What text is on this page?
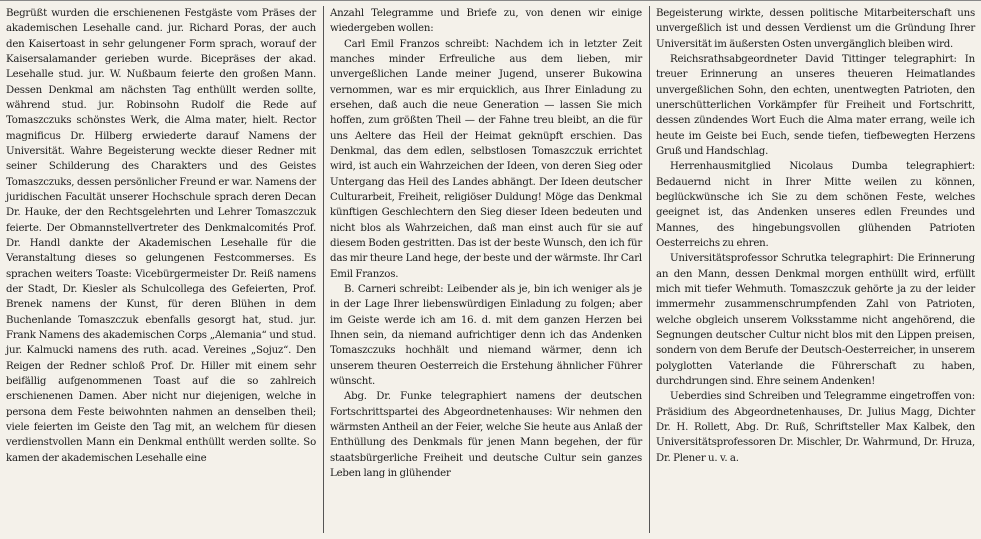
Begrüßt wurden die erschienenen Festgäste vom Präses der akademischen Lesehalle cand. jur. Richard Poras, der auch den Kaisertoast in sehr gelungener Form sprach, worauf der Kaisersalamander gerieben wurde. Bicepräses der akad. Lesehalle stud. jur. W. Nußbaum feierte den großen Mann. Dessen Denkmal am nächsten Tag enthüllt werden sollte, während stud. jur. Robinsohn Rudolf die Rede auf Tomaszczuks schönstes Werk, die Alma mater, hielt. Rector magnificus Dr. Hilberg erwiederte darauf Namens der Universität. Wahre Begeisterung weckte dieser Redner mit seiner Schilderung des Charakters und des Geistes Tomaszczuks, dessen persönlicher Freund er war. Namens der juridischen Facultät unserer Hochschule sprach deren Decan Dr. Hauke, der den Rechtsgelehrten und Lehrer Tomaszczuk feierte. Der Obmannstellvertreter des Denkmalcomités Prof. Dr. Handl dankte der Akademischen Lesehalle für die Veranstaltung dieses so gelungenen Festcommerses. Es sprachen weiters Toaste: Vicebürgermeister Dr. Reiß namens der Stadt, Dr. Kiesler als Schulcollega des Gefeierten, Prof. Brenek namens der Kunst, für deren Blühen in dem Buchenlande Tomaszczuk ebenfalls gesorgt hat, stud. jur. Frank Namens des akademischen Corps „Alemania“ und stud. jur. Kalmucki namens des ruth. acad. Vereines „Sojuz“. Den Reigen der Redner schloß Prof. Dr. Hiller mit einem sehr beifällig aufgenommenen Toast auf die so zahlreich erschienenen Damen. Aber nicht nur diejenigen, welche in persona dem Feste beiwohnten nahmen an denselben theil; viele feierten im Geiste den Tag mit, an welchem für diesen verdienstvollen Mann ein Denkmal enthüllt werden sollte. So kamen der akademischen Lesehalle eine

Anzahl Telegramme und Briefe zu, von denen wir einige wiedergeben wollen:

Carl Emil Franzos schreibt: Nachdem ich in letzter Zeit manches minder Erfreuliche aus dem lieben, mir unvergeßlichen Lande meiner Jugend, unserer Bukowina vernommen, war es mir erquicklich, aus Ihrer Einladung zu ersehen, daß auch die neue Generation — lassen Sie mich hoffen, zum größten Theil — der Fahne treu bleibt, an die für uns Aeltere das Heil der Heimat geknüpft erschien. Das Denkmal, das dem edlen, selbstlosen Tomaszczuk errichtet wird, ist auch ein Wahrzeichen der Ideen, von deren Sieg oder Untergang das Heil des Landes abhängt. Der Ideen deutscher Culturarbeit, Freiheit, religiöser Duldung! Möge das Denkmal künftigen Geschlechtern den Sieg dieser Ideen bedeuten und nicht blos als Wahrzeichen, daß man einst auch für sie auf diesem Boden gestritten. Das ist der beste Wunsch, den ich für das mir theure Land hege, der beste und der wärmste. Ihr Carl Emil Franzos.

B. Carneri schreibt: Leibender als je, bin ich weniger als je in der Lage Ihrer liebenswürdigen Einladung zu folgen; aber im Geiste werde ich am 16. d. mit dem ganzen Herzen bei Ihnen sein, da niemand aufrichtiger denn ich das Andenken Tomaszczuks hochhält und niemand wärmer, denn ich unserem theuren Oesterreich die Erstehung ähnlicher Führer wünscht.

Abg. Dr. Funke telegraphiert namens der deutschen Fortschrittspartei des Abgeordnetenhauses: Wir nehmen den wärmsten Antheil an der Feier, welche Sie heute aus Anlaß der Enthüllung des Denkmals für jenen Mann begehen, der für staatsbürgerliche Freiheit und deutsche Cultur sein ganzes Leben lang in glühender

Begeisterung wirkte, dessen politische Mitarbeiterschaft uns unvergeßlich ist und dessen Verdienst um die Gründung Ihrer Universität im äußersten Osten unvergänglich bleiben wird.

Reichsrathsabgeordneter David Tittinger telegraphirt: In treuer Erinnerung an unseres theueren Heimatlandes unvergeßlichen Sohn, den echten, unentwegten Patrioten, den unerschütterlichen Vorkämpfer für Freiheit und Fortschritt, dessen zündendes Wort Euch die Alma mater errang, weile ich heute im Geiste bei Euch, sende tiefen, tiefbewegten Herzens Gruß und Handschlag.

Herrenhausmitglied Nicolaus Dumba telegraphiert: Bedauernd nicht in Ihrer Mitte weilen zu können, beglückwünsche ich Sie zu dem schönen Feste, welches geeignet ist, das Andenken unseres edlen Freundes und Mannes, des hingebungsvollen glühenden Patrioten Oesterreichs zu ehren.

Universitätsprofessor Schrutka telegraphirt: Die Erinnerung an den Mann, dessen Denkmal morgen enthüllt wird, erfüllt mich mit tiefer Wehmuth. Tomaszczuk gehörte ja zu der leider immermehr zusammenschrumpfenden Zahl von Patrioten, welche obgleich unserem Volksstamme nicht angehörend, die Segnungen deutscher Cultur nicht blos mit den Lippen preisen, sondern von dem Berufe der Deutsch-Oesterreicher, in unserem polyglotten Vaterlande die Führerschaft zu haben, durchdrungen sind. Ehre seinem Andenken!

Ueberdies sind Schreiben und Telegramme eingetroffen von: Präsidium des Abgeordnetenhauses, Dr. Julius Magg, Dichter Dr. H. Rollett, Abg. Dr. Ruß, Schriftsteller Max Kalbek, den Universitätsprofessoren Dr. Mischler, Dr. Wahrmund, Dr. Hruza, Dr. Plener u. v. a.
